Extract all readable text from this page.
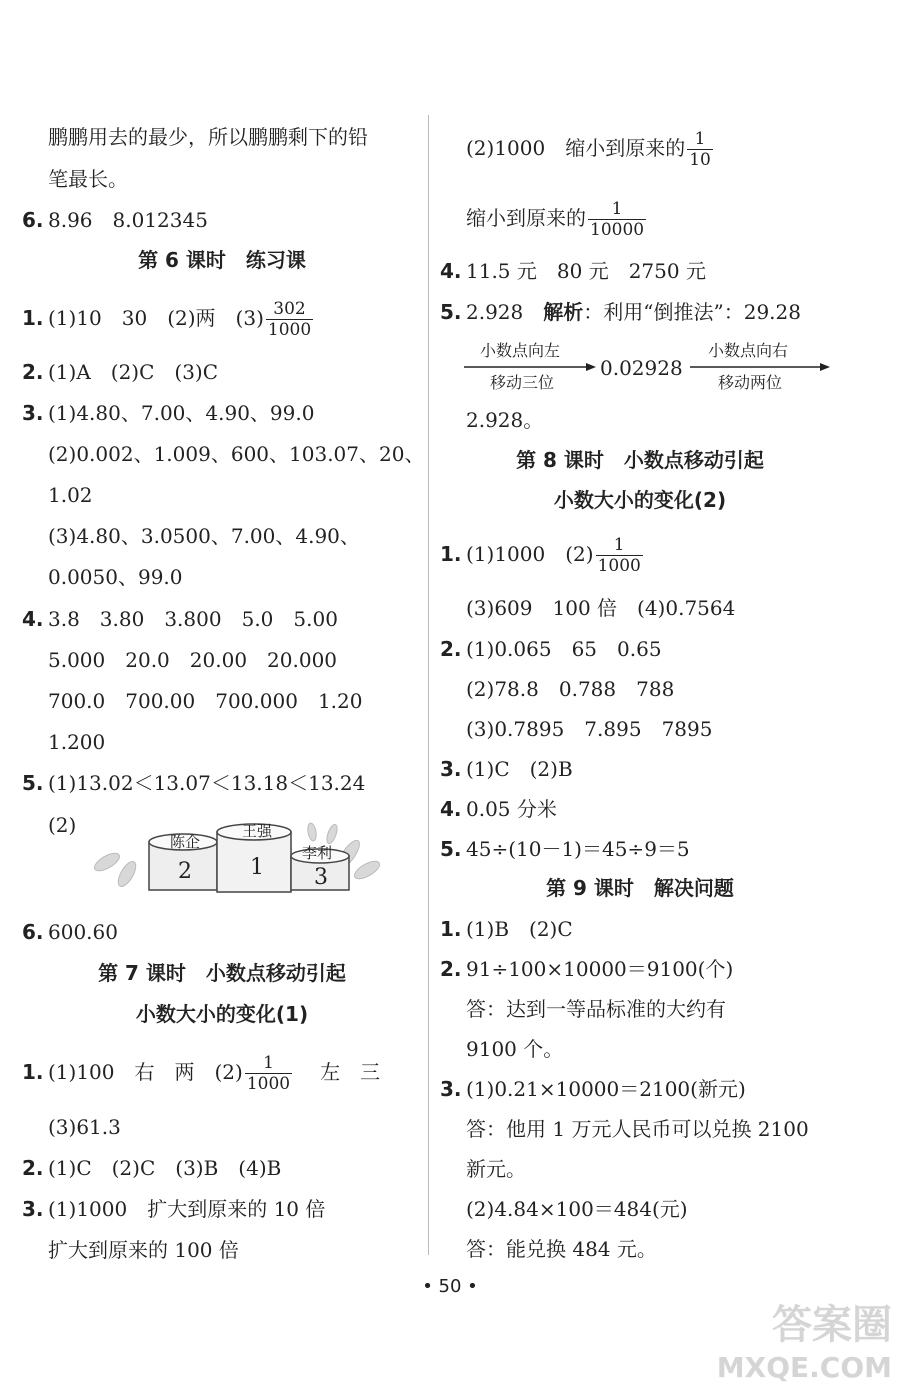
鹏鹏用去的最少，所以鹏鹏剩下的铅
笔最长。
6. 8.96　8.012345
第 6 课时　练习课
1. (1)10　30　(2)两　$(3) \frac{302}{1000}$
2. (1)A　(2)C　(3)C
3. (1)4.80、7.00、4.90、99.0
(2)0.002、1.009、600、103.07、20、
1.02
(3)4.80、3.0500、7.00、4.90、
0.0050、99.0
4. 3.8　3.80　3.800　5.0　5.00
5.000　20.0　20.00　20.000
700.0　700.00　700.000　1.20
1.200
5. (1)13.02＜13.07＜13.18＜13.24
(2)
陈企
2
王强
1
李利
3
6. 600.60
第 7 课时　小数点移动引起
小数大小的变化(1)
1. (1)100　右　两　$(2) \frac{1}{1000}$ 左　三
(3)61.3
2. (1)C　(2)C　(3)B　(4)B
3. (1)1000　扩大到原来的 10 倍
扩大到原来的 100 倍
(2)1000　缩小到原来的 $\frac{1}{10}$
缩小到原来的 $\frac{1}{10000}$
4. 11.5 元　80 元　2750 元
5. 2.928　解析：利用“倒推法”：29.28
小数点向左
移动三位
0.02928
小数点向右
移动两位
2.928。
第 8 课时　小数点移动引起
小数大小的变化(2)
1. (1)1000　$(2) \frac{1}{1000}$
(3)609　100 倍　(4)0.7564
2. (1)0.065　65　0.65
(2)78.8　0.788　788
(3)0.7895　7.895　7895
3. (1)C　(2)B
4. 0.05 分米
5. 45÷(10－1)＝45÷9＝5
第 9 课时　解决问题
1. (1)B　(2)C
2. 91÷100×10000＝9100(个)
答：达到一等品标准的大约有
9100 个。
3. (1)0.21×10000＝2100(新元)
答：他用 1 万元人民币可以兑换 2100
新元。
(2)4.84×100＝484(元)
答：能兑换 484 元。
• 50 •
答案圈
MXQE.COM
